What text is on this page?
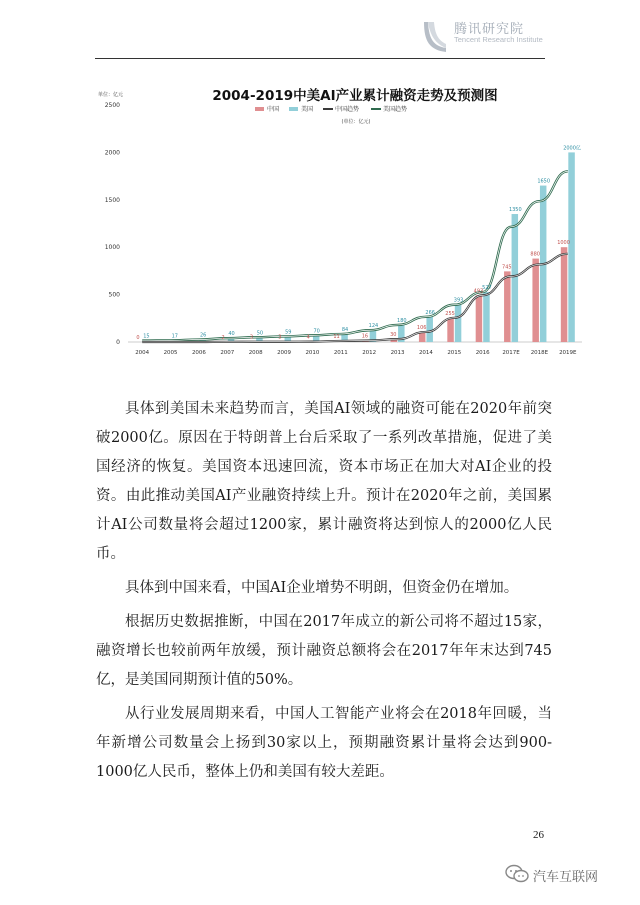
腾讯研究院
Tencent Research Institute
2004-2019中美AI产业累计融资走势及预测图
(单位：亿元)
单位：亿元
中国	美国	中国趋势	美国趋势
0
500
1000
1500
2000
2500
2004	2005	2006	2007	2008	2009	2010	2011	2012	2013	2014	2015	2016 2017E 2018E 2019E
0 15	17	26	2
40
3
50
3
59
4
70
11
84
16
124
30
180
106
266 255
393
493
527
745
1350
880
1650
1000
2000亿

具体到美国未来趋势而言，美国AI领域的融资可能在2020年前突破2000亿。原因在于特朗普上台后采取了一系列改革措施，促进了美国经济的恢复。美国资本迅速回流，资本市场正在加大对AI企业的投资。由此推动美国AI产业融资持续上升。预计在2020年之前，美国累计AI公司数量将会超过1200家，累计融资将达到惊人的2000亿人民币。

具体到中国来看，中国AI企业增势不明朗，但资金仍在增加。

根据历史数据推断，中国在2017年成立的新公司将不超过15家，融资增长也较前两年放缓，预计融资总额将会在2017年年末达到745亿，是美国同期预计值的50%。

从行业发展周期来看，中国人工智能产业将会在2018年回暖，当年新增公司数量会上扬到30家以上，预期融资累计量将会达到900-1000亿人民币，整体上仍和美国有较大差距。

26
汽车互联网
